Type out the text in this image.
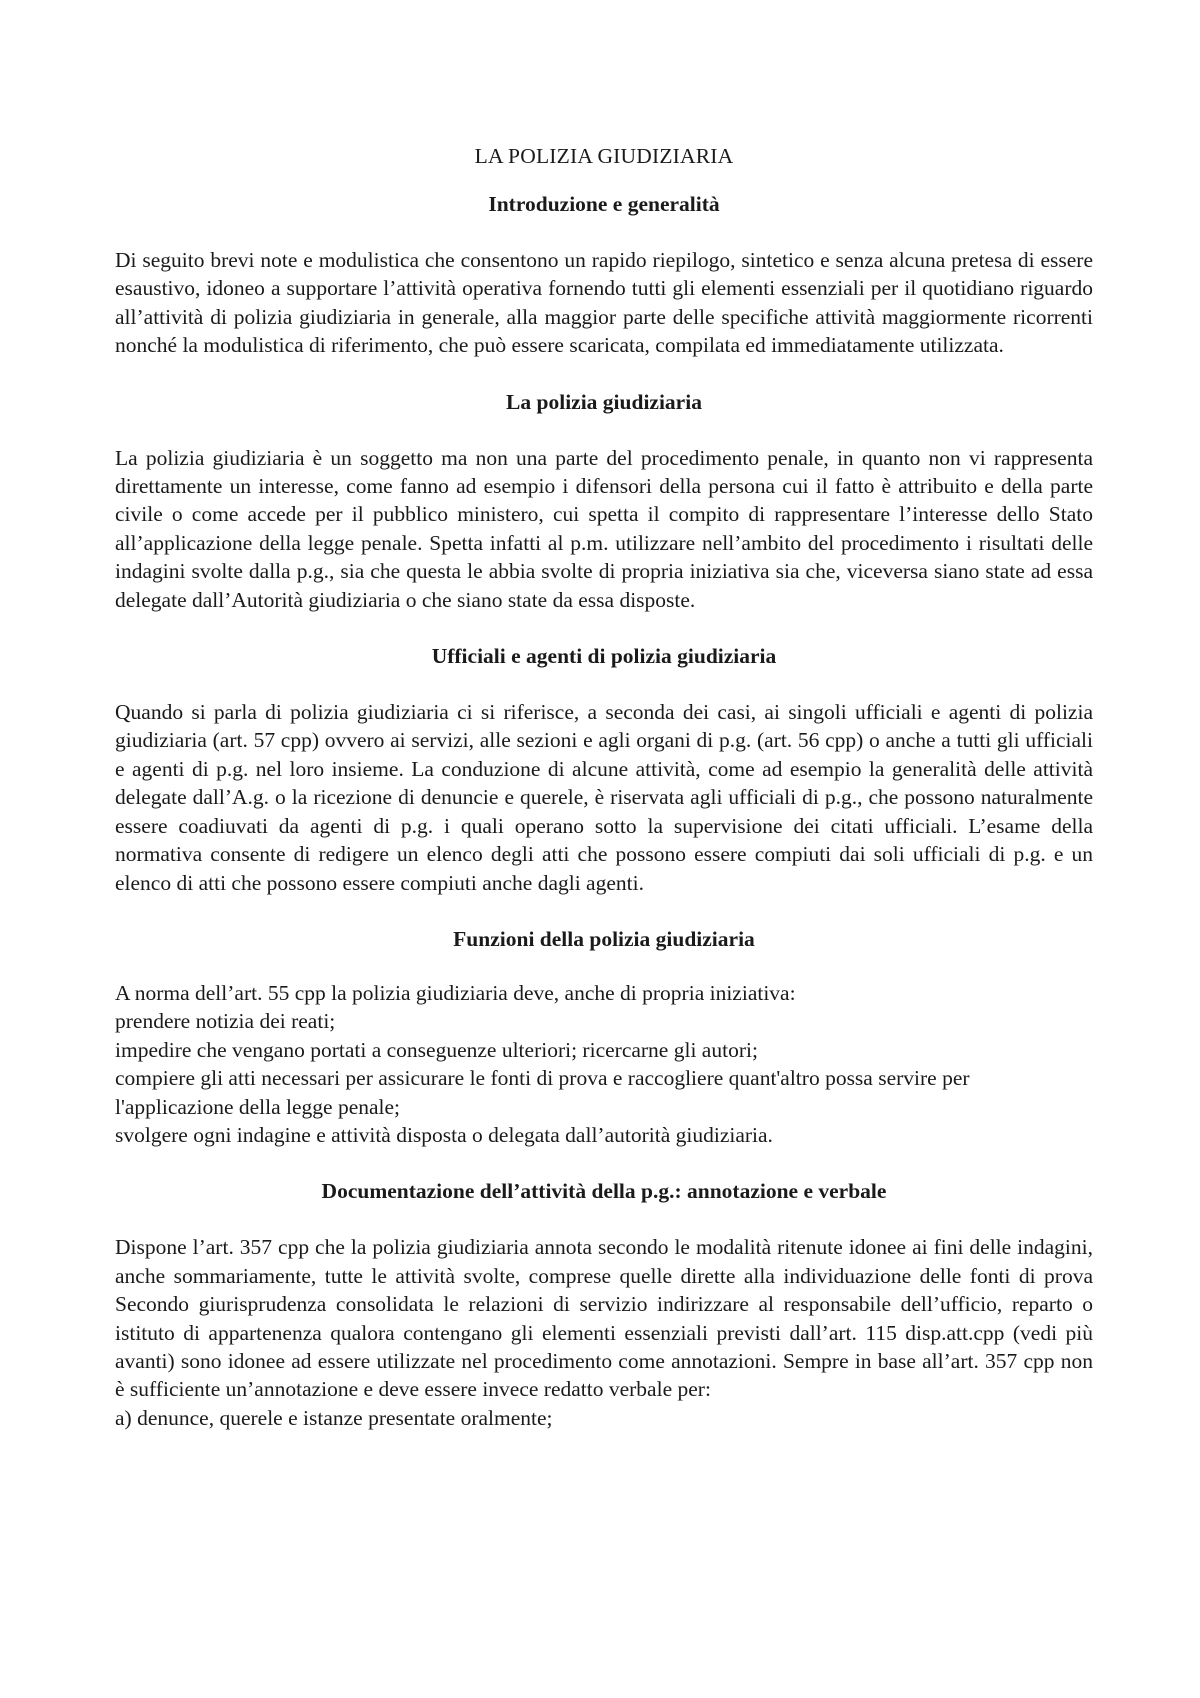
LA POLIZIA GIUDIZIARIA
Introduzione e generalità

Di seguito brevi note e modulistica che consentono un rapido riepilogo, sintetico e senza alcuna pretesa di essere esaustivo, idoneo a supportare l’attività operativa fornendo tutti gli elementi essenziali per il quotidiano riguardo all’attività di polizia giudiziaria in generale, alla maggior parte delle specifiche attività maggiormente ricorrenti nonché la modulistica di riferimento, che può essere scaricata, compilata ed immediatamente utilizzata.

La polizia giudiziaria

La polizia giudiziaria è un soggetto ma non una parte del procedimento penale, in quanto non vi rappresenta direttamente un interesse, come fanno ad esempio i difensori della persona cui il fatto è attribuito e della parte civile o come accede per il pubblico ministero, cui spetta il compito di rappresentare l’interesse dello Stato all’applicazione della legge penale. Spetta infatti al p.m. utilizzare nell’ambito del procedimento i risultati delle indagini svolte dalla p.g., sia che questa le abbia svolte di propria iniziativa sia che, viceversa siano state ad essa delegate dall’Autorità giudiziaria o che siano state da essa disposte.

Ufficiali e agenti di polizia giudiziaria

Quando si parla di polizia giudiziaria ci si riferisce, a seconda dei casi, ai singoli ufficiali e agenti di polizia giudiziaria (art. 57 cpp) ovvero ai servizi, alle sezioni e agli organi di p.g. (art. 56 cpp) o anche a tutti gli ufficiali e agenti di p.g. nel loro insieme. La conduzione di alcune attività, come ad esempio la generalità delle attività delegate dall’A.g. o la ricezione di denuncie e querele, è riservata agli ufficiali di p.g., che possono naturalmente essere coadiuvati da agenti di p.g. i quali operano sotto la supervisione dei citati ufficiali. L’esame della normativa consente di redigere un elenco degli atti che possono essere compiuti dai soli ufficiali di p.g. e un elenco di atti che possono essere compiuti anche dagli agenti.

Funzioni della polizia giudiziaria
A norma dell’art. 55 cpp la polizia giudiziaria deve, anche di propria iniziativa:
prendere notizia dei reati;
impedire che vengano portati a conseguenze ulteriori; ricercarne gli autori;
compiere gli atti necessari per assicurare le fonti di prova e raccogliere quant'altro possa servire per l'applicazione della legge penale;
svolgere ogni indagine e attività disposta o delegata dall’autorità giudiziaria.
Documentazione dell’attività della p.g.: annotazione e verbale

Dispone l’art. 357 cpp che la polizia giudiziaria annota secondo le modalità ritenute idonee ai fini delle indagini, anche sommariamente, tutte le attività svolte, comprese quelle dirette alla individuazione delle fonti di prova Secondo giurisprudenza consolidata le relazioni di servizio indirizzare al responsabile dell’ufficio, reparto o istituto di appartenenza qualora contengano gli elementi essenziali previsti dall’art. 115 disp.att.cpp (vedi più avanti) sono idonee ad essere utilizzate nel procedimento come annotazioni. Sempre in base all’art. 357 cpp non è sufficiente un’annotazione e deve essere invece redatto verbale per:

a) denunce, querele e istanze presentate oralmente;
